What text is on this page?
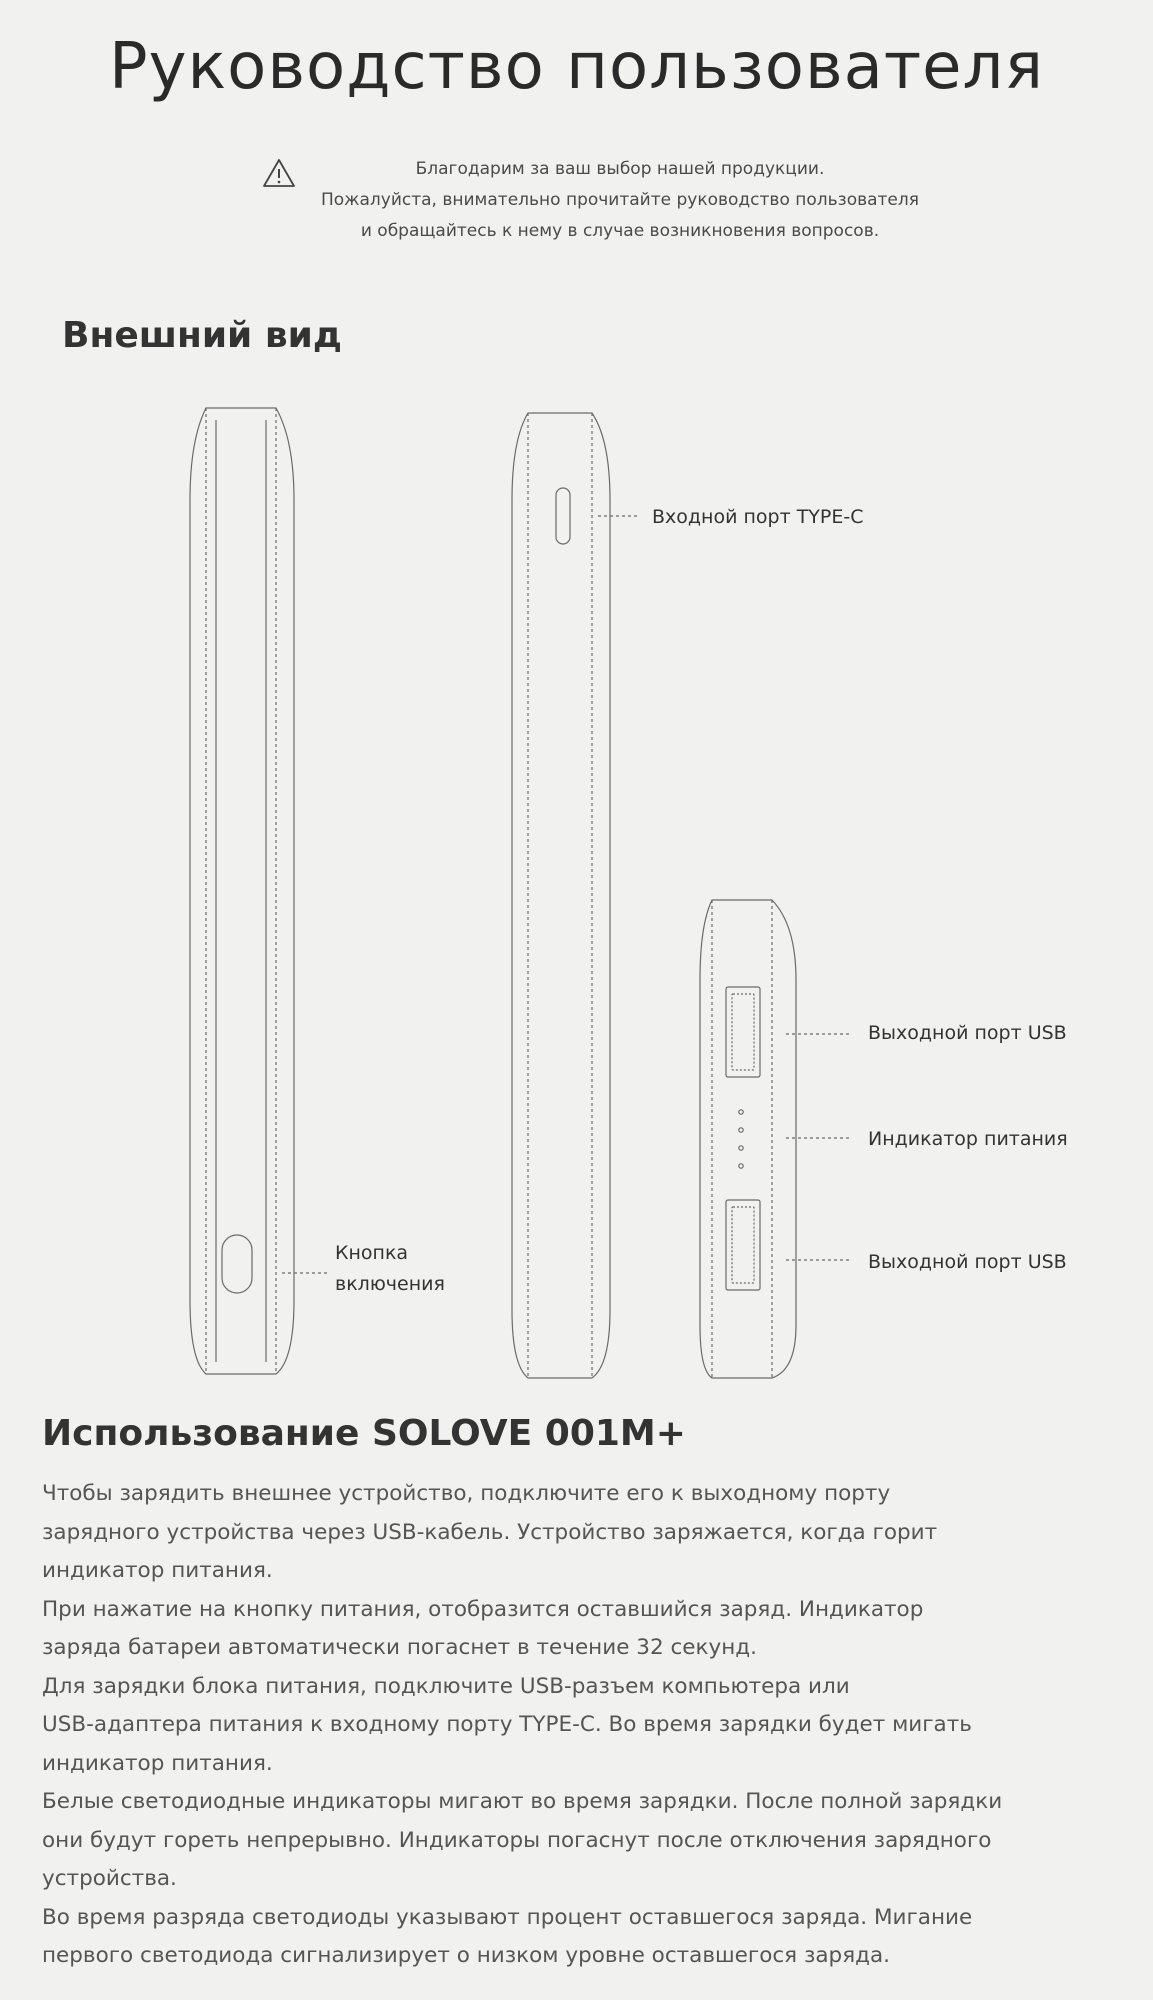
Руководство пользователя
Благодарим за ваш выбор нашей продукции.
Пожалуйста, внимательно прочитайте руководство пользователя
и обращайтесь к нему в случае возникновения вопросов.
Внешний вид
Кнопка
включения
Входной порт TYPE-C
Выходной порт USB
Индикатор питания
Выходной порт USB
Использование SOLOVE 001M+
Чтобы зарядить внешнее устройство, подключите его к выходному порту
зарядного устройства через USB-кабель. Устройство заряжается, когда горит
индикатор питания.
При нажатие на кнопку питания, отобразится оставшийся заряд. Индикатор
заряда батареи автоматически погаснет в течение 32 секунд.
Для зарядки блока питания, подключите USB-разъем компьютера или
USB-адаптера питания к входному порту TYPE-C. Во время зарядки будет мигать
индикатор питания.
Белые светодиодные индикаторы мигают во время зарядки. После полной зарядки
они будут гореть непрерывно. Индикаторы погаснут после отключения зарядного
устройства.
Во время разряда светодиоды указывают процент оставшегося заряда. Мигание
первого светодиода сигнализирует о низком уровне оставшегося заряда.
